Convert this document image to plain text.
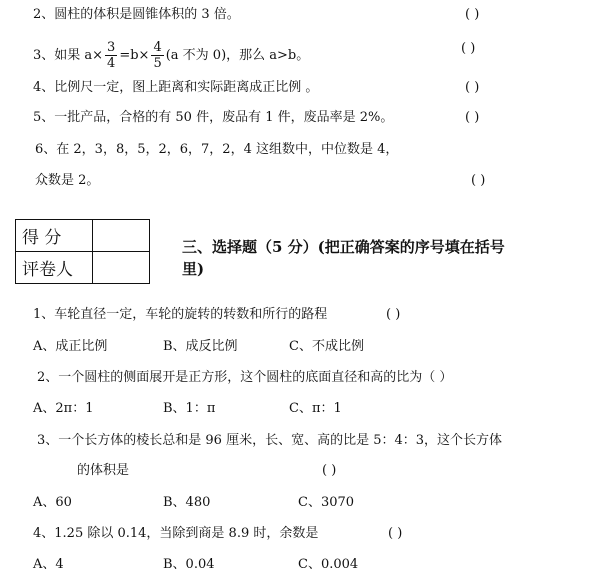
2、圆柱的体积是圆锥体积的 3 倍。	( )
3、如果 $a\times \frac{3}{4} =b\times \frac{4}{5} (a$ 不为 0)，那么 a>b。	( )
4、比例尺一定，图上距离和实际距离成正比例 。	( )
5、一批产品，合格的有 50 件，废品有 1 件，废品率是 2%。	( )
6、在 2，3，8，5，2，6，7，2，4 这组数中，中位数是 4，
众数是 2。	( )
得 分	
评卷人	
三、选择题（5 分）(把正确答案的序号填在括号里)
1、车轮直径一定，车轮的旋转的转数和所行的路程	( )
A、成正比例	B、成反比例	C、不成比例
2、一个圆柱的侧面展开是正方形，这个圆柱的底面直径和高的比为（ ）
A、2π：1	B、1：π	C、π：1
3、一个长方体的棱长总和是 96 厘米，长、宽、高的比是 5：4：3，这个长方体
的体积是	( )
A、60	B、480	C、3070
4、1.25 除以 0.14，当除到商是 8.9 时，余数是	( )
A、4	B、0.04	C、0.004
